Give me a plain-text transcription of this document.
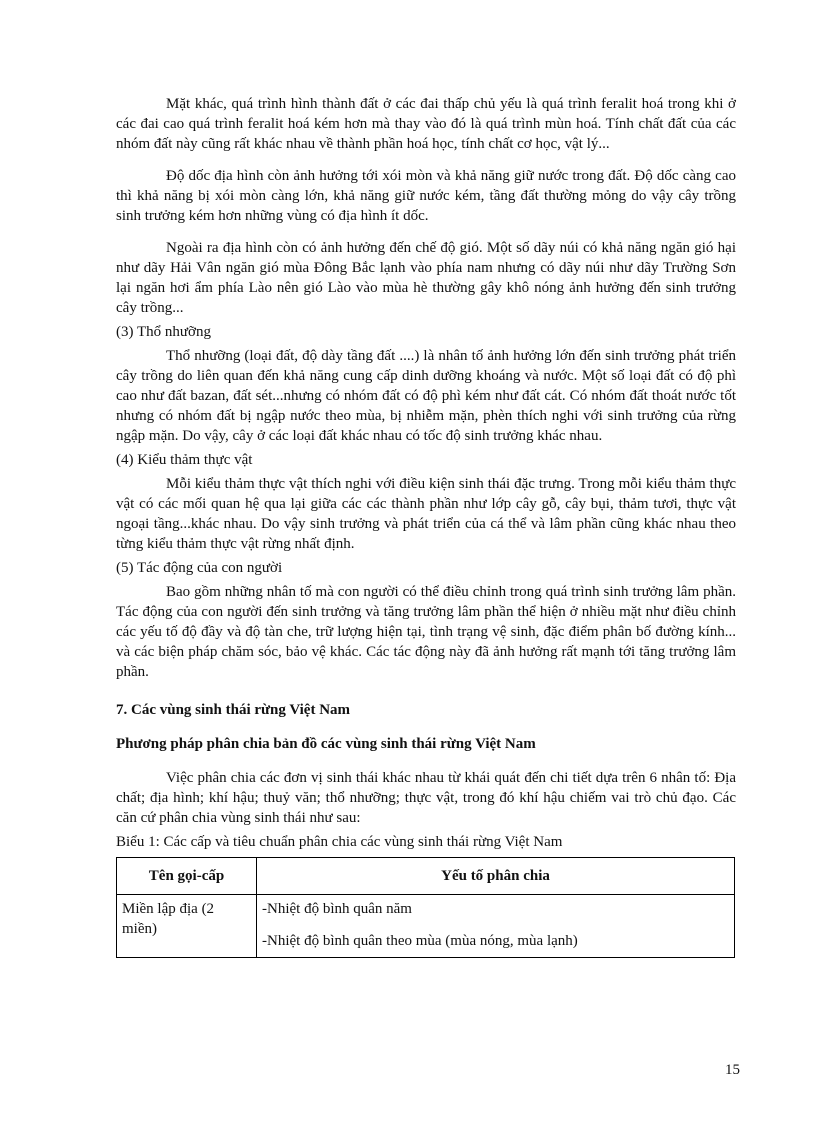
Mặt khác, quá trình hình thành đất ở các đai thấp chủ yếu là quá trình feralit hoá trong khi ở các đai cao quá trình feralit hoá kém hơn mà thay vào đó là quá trình mùn hoá. Tính chất đất của các nhóm đất này cũng rất khác nhau về thành phần hoá học, tính chất cơ học, vật lý...

Độ dốc địa hình còn ảnh hưởng tới xói mòn và khả năng giữ nước trong đất. Độ dốc càng cao thì khả năng bị xói mòn càng lớn, khả năng giữ nước kém, tầng đất thường mỏng do vậy cây trồng sinh trưởng kém hơn những vùng có địa hình ít dốc.

Ngoài ra địa hình còn có ảnh hưởng đến chế độ gió. Một số dãy núi có khả năng ngăn gió hại như dãy Hải Vân ngăn gió mùa Đông Bắc lạnh vào phía nam nhưng có dãy núi như dãy Trường Sơn lại ngăn hơi ẩm phía Lào nên gió Lào vào mùa hè thường gây khô nóng ảnh hưởng đến sinh trưởng cây trồng...

(3) Thổ nhưỡng

Thổ nhưỡng (loại đất, độ dày tầng đất ....) là nhân tố ảnh hưởng lớn đến sinh trưởng phát triển cây trồng do liên quan đến khả năng cung cấp dinh dưỡng khoáng và nước. Một số loại đất có độ phì cao như đất bazan, đất sét...nhưng có nhóm đất có độ phì kém như đất cát. Có nhóm đất thoát nước tốt nhưng có nhóm đất bị ngập nước theo mùa, bị nhiễm mặn, phèn thích nghi với sinh trưởng của rừng ngập mặn. Do vậy, cây ở các loại đất khác nhau có tốc độ sinh trưởng khác nhau.

(4) Kiểu thảm thực vật

Mỗi kiểu thảm thực vật thích nghi với điều kiện sinh thái đặc trưng. Trong mỗi kiểu thảm thực vật có các mối quan hệ qua lại giữa các các thành phần như lớp cây gỗ, cây bụi, thảm tươi, thực vật ngoại tầng...khác nhau. Do vậy sinh trưởng và phát triển của cá thể và lâm phần cũng khác nhau theo từng kiểu thảm thực vật rừng nhất định.

(5) Tác động của con người

Bao gồm những nhân tố mà con người có thể điều chỉnh trong quá trình sinh trưởng lâm phần. Tác động của con người đến sinh trưởng và tăng trưởng lâm phần thể hiện ở nhiều mặt như điều chỉnh các yếu tố độ đầy và độ tàn che, trữ lượng hiện tại, tình trạng vệ sinh, đặc điểm phân bố đường kính... và các biện pháp chăm sóc, bảo vệ khác. Các tác động này đã ảnh hưởng rất mạnh tới tăng trưởng lâm phần.

7. Các vùng sinh thái rừng Việt Nam

Phương pháp phân chia bản đồ các vùng sinh thái rừng Việt Nam

Việc phân chia các đơn vị sinh thái khác nhau từ khái quát đến chi tiết dựa trên 6 nhân tố: Địa chất; địa hình; khí hậu; thuỷ văn; thổ nhưỡng; thực vật, trong đó khí hậu chiếm vai trò chủ đạo. Các căn cứ phân chia vùng sinh thái như sau:

Biểu 1: Các cấp và tiêu chuẩn phân chia các vùng sinh thái rừng Việt Nam

Tên gọi-cấp	Yếu tố phân chia
Miền lập địa (2 miền)	-Nhiệt độ bình quân năm
-Nhiệt độ bình quân theo mùa (mùa nóng, mùa lạnh)
15
